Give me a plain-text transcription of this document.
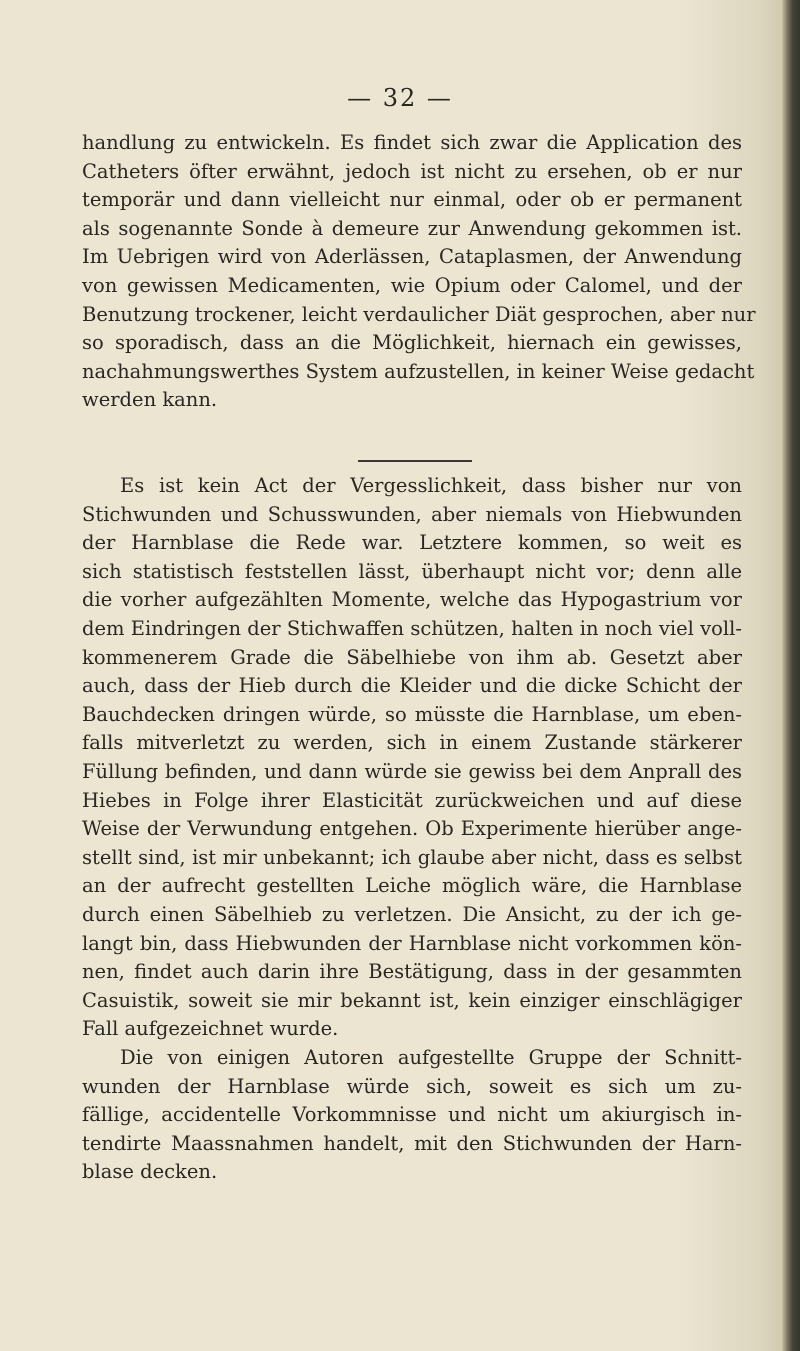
— 32 —
handlung zu entwickeln. Es findet sich zwar die Application des
Catheters öfter erwähnt, jedoch ist nicht zu ersehen, ob er nur
temporär und dann vielleicht nur einmal, oder ob er permanent
als sogenannte Sonde à demeure zur Anwendung gekommen ist.
Im Uebrigen wird von Aderlässen, Cataplasmen, der Anwendung
von gewissen Medicamenten, wie Opium oder Calomel, und der
Benutzung trockener, leicht verdaulicher Diät gesprochen, aber nur
so sporadisch, dass an die Möglichkeit, hiernach ein gewisses,
nachahmungswerthes System aufzustellen, in keiner Weise gedacht
werden kann.
Es ist kein Act der Vergesslichkeit, dass bisher nur von
Stichwunden und Schusswunden, aber niemals von Hiebwunden
der Harnblase die Rede war. Letztere kommen, so weit es
sich statistisch feststellen lässt, überhaupt nicht vor; denn alle
die vorher aufgezählten Momente, welche das Hypogastrium vor
dem Eindringen der Stichwaffen schützen, halten in noch viel voll-
kommenerem Grade die Säbelhiebe von ihm ab. Gesetzt aber
auch, dass der Hieb durch die Kleider und die dicke Schicht der
Bauchdecken dringen würde, so müsste die Harnblase, um eben-
falls mitverletzt zu werden, sich in einem Zustande stärkerer
Füllung befinden, und dann würde sie gewiss bei dem Anprall des
Hiebes in Folge ihrer Elasticität zurückweichen und auf diese
Weise der Verwundung entgehen. Ob Experimente hierüber ange-
stellt sind, ist mir unbekannt; ich glaube aber nicht, dass es selbst
an der aufrecht gestellten Leiche möglich wäre, die Harnblase
durch einen Säbelhieb zu verletzen. Die Ansicht, zu der ich ge-
langt bin, dass Hiebwunden der Harnblase nicht vorkommen kön-
nen, findet auch darin ihre Bestätigung, dass in der gesammten
Casuistik, soweit sie mir bekannt ist, kein einziger einschlägiger
Fall aufgezeichnet wurde.
Die von einigen Autoren aufgestellte Gruppe der Schnitt-
wunden der Harnblase würde sich, soweit es sich um zu-
fällige, accidentelle Vorkommnisse und nicht um akiurgisch in-
tendirte Maassnahmen handelt, mit den Stichwunden der Harn-
blase decken.
